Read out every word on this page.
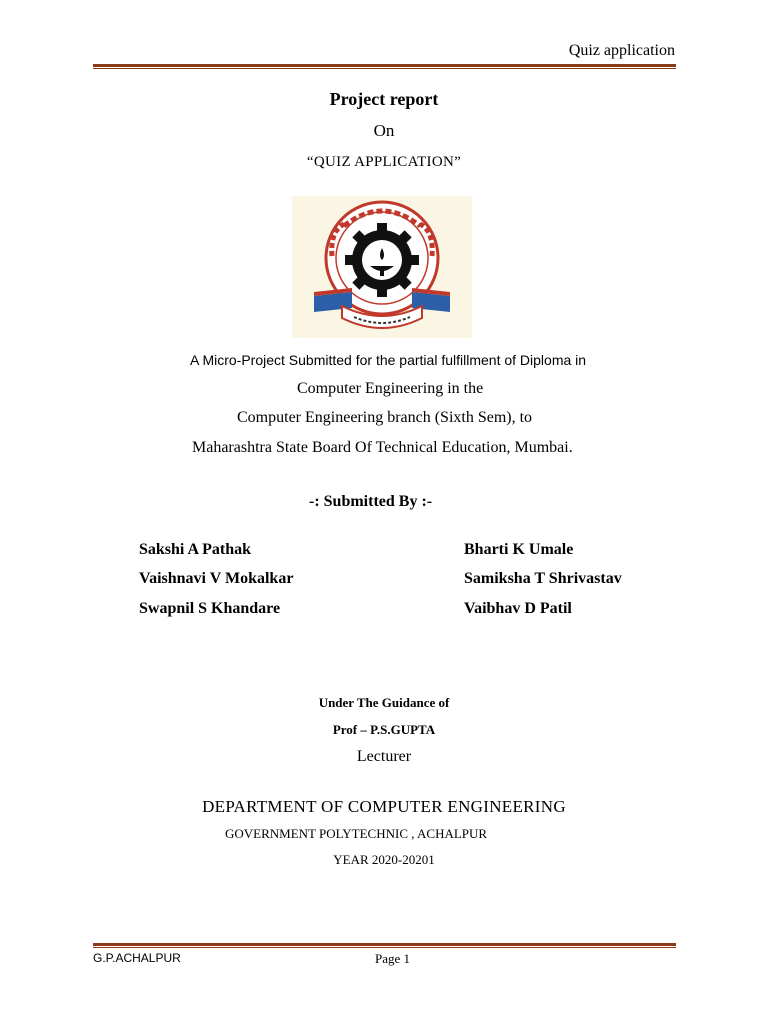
Quiz application
Project report
On
“QUIZ APPLICATION”
A Micro-Project Submitted for the partial fulfillment of Diploma in
Computer Engineering in the
Computer Engineering branch (Sixth Sem), to
Maharashtra State Board Of Technical Education, Mumbai.
-: Submitted By :-
Sakshi A Pathak
Vaishnavi V Mokalkar
Swapnil S Khandare
Bharti K Umale
Samiksha T Shrivastav
Vaibhav D Patil
Under The Guidance of
Prof – P.S.GUPTA
Lecturer
DEPARTMENT OF COMPUTER ENGINEERING
GOVERNMENT POLYTECHNIC , ACHALPUR
YEAR 2020-20201
G.P.ACHALPUR	Page 1
